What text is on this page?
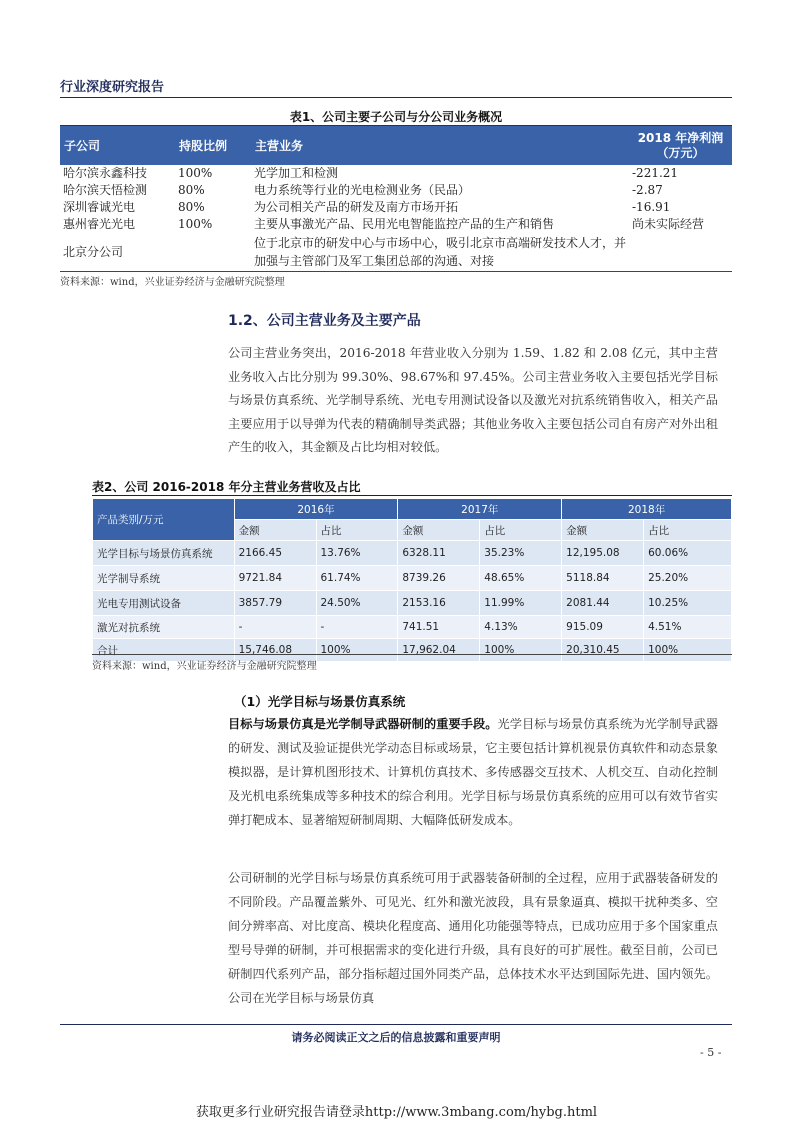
行业深度研究报告
表1、公司主要子公司与分公司业务概况
子公司	持股比例	主营业务	2018 年净利润（万元）
哈尔滨永鑫科技	100%	光学加工和检测	-221.21
哈尔滨天悟检测	80%	电力系统等行业的光电检测业务（民品）	-2.87
深圳睿诚光电	80%	为公司相关产品的研发及南方市场开拓	-16.91
惠州睿光光电	100%	主要从事激光产品、民用光电智能监控产品的生产和销售	尚未实际经营
北京分公司		位于北京市的研发中心与市场中心，吸引北京市高端研发技术人才，并加强与主管部门及军工集团总部的沟通、对接	
资料来源：wind，兴业证券经济与金融研究院整理
1.2、公司主营业务及主要产品
公司主营业务突出，2016-2018 年营业收入分别为 1.59、1.82 和 2.08 亿元，其中主营业务收入占比分别为 99.30%、98.67%和 97.45%。公司主营业务收入主要包括光学目标与场景仿真系统、光学制导系统、光电专用测试设备以及激光对抗系统销售收入，相关产品主要应用于以导弹为代表的精确制导类武器；其他业务收入主要包括公司自有房产对外出租产生的收入，其金额及占比均相对较低。
表2、公司 2016-2018 年分主营业务营收及占比
产品类别/万元	2016年		2017年		2018年	
	金额	占比	金额	占比	金额	占比
光学目标与场景仿真系统	2166.45	13.76%	6328.11	35.23%	12,195.08	60.06%
光学制导系统	9721.84	61.74%	8739.26	48.65%	5118.84	25.20%
光电专用测试设备	3857.79	24.50%	2153.16	11.99%	2081.44	10.25%
激光对抗系统	-	-	741.51	4.13%	915.09	4.51%
合计	15,746.08	100%	17,962.04	100%	20,310.45	100%
资料来源：wind，兴业证券经济与金融研究院整理
（1）光学目标与场景仿真系统
目标与场景仿真是光学制导武器研制的重要手段。光学目标与场景仿真系统为光学制导武器的研发、测试及验证提供光学动态目标或场景，它主要包括计算机视景仿真软件和动态景象模拟器，是计算机图形技术、计算机仿真技术、多传感器交互技术、人机交互、自动化控制及光机电系统集成等多种技术的综合利用。光学目标与场景仿真系统的应用可以有效节省实弹打靶成本、显著缩短研制周期、大幅降低研发成本。
公司研制的光学目标与场景仿真系统可用于武器装备研制的全过程，应用于武器装备研发的不同阶段。产品覆盖紫外、可见光、红外和激光波段，具有景象逼真、模拟干扰种类多、空间分辨率高、对比度高、模块化程度高、通用化功能强等特点，已成功应用于多个国家重点型号导弹的研制，并可根据需求的变化进行升级，具有良好的可扩展性。截至目前，公司已研制四代系列产品，部分指标超过国外同类产品，总体技术水平达到国际先进、国内领先。公司在光学目标与场景仿真
请务必阅读正文之后的信息披露和重要声明
- 5 -
获取更多行业研究报告请登录http://www.3mbang.com/hybg.html
